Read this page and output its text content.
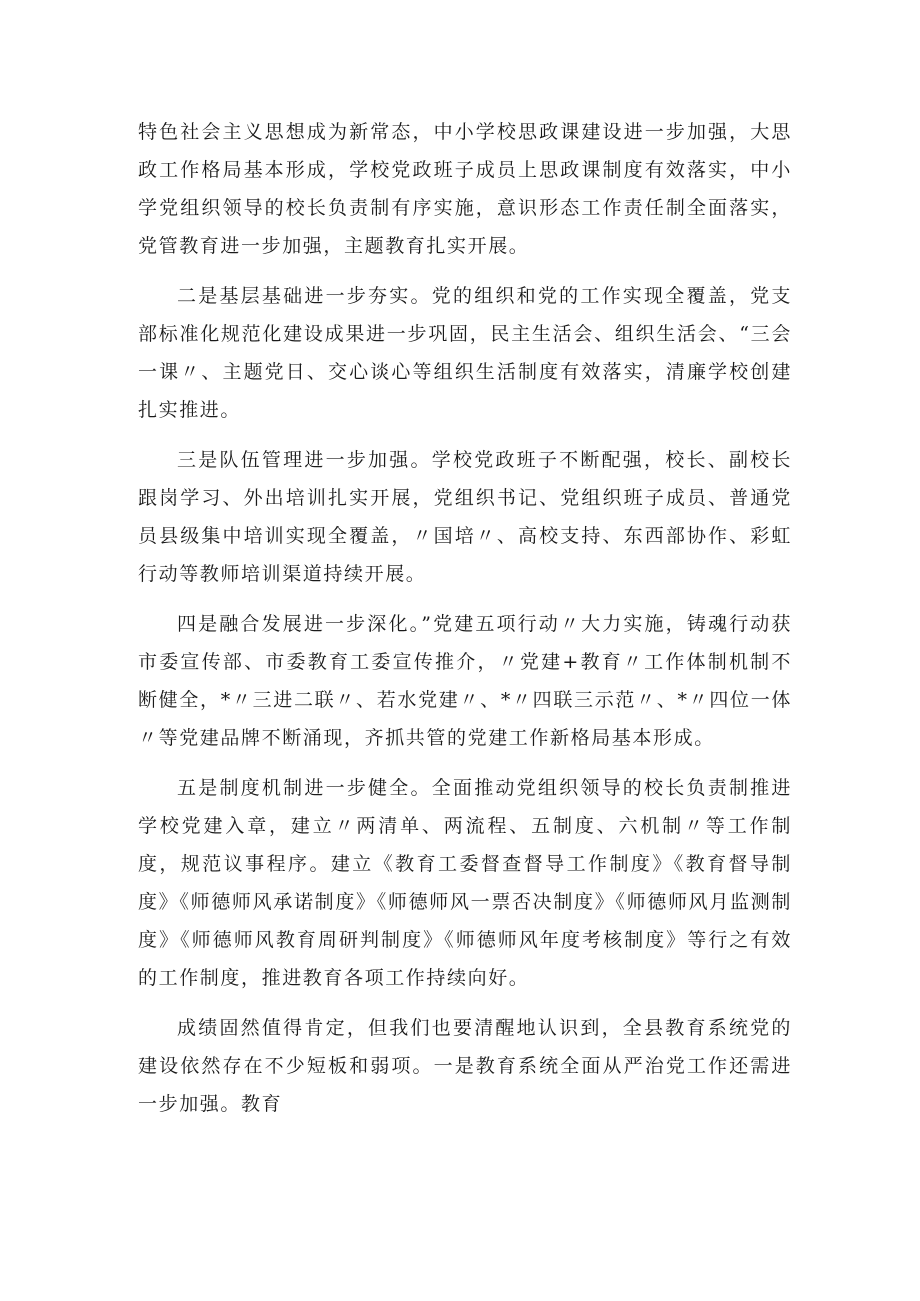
特色社会主义思想成为新常态，中小学校思政课建设进一步加强，大思政工作格局基本形成，学校党政班子成员上思政课制度有效落实，中小学党组织领导的校长负责制有序实施，意识形态工作责任制全面落实，党管教育进一步加强，主题教育扎实开展。

二是基层基础进一步夯实。党的组织和党的工作实现全覆盖，党支部标准化规范化建设成果进一步巩固，民主生活会、组织生活会、“三会一课〃、主题党日、交心谈心等组织生活制度有效落实，清廉学校创建扎实推进。

三是队伍管理进一步加强。学校党政班子不断配强，校长、副校长跟岗学习、外出培训扎实开展，党组织书记、党组织班子成员、普通党员县级集中培训实现全覆盖，〃国培〃、高校支持、东西部协作、彩虹行动等教师培训渠道持续开展。

四是融合发展进一步深化。”党建五项行动〃大力实施，铸魂行动获市委宣传部、市委教育工委宣传推介，〃党建+教育〃工作体制机制不断健全，*〃三进二联〃、若水党建〃、*〃四联三示范〃、*〃四位一体〃等党建品牌不断涌现，齐抓共管的党建工作新格局基本形成。

五是制度机制进一步健全。全面推动党组织领导的校长负责制推进学校党建入章，建立〃两清单、两流程、五制度、六机制〃等工作制度，规范议事程序。建立《教育工委督查督导工作制度》《教育督导制度》《师德师风承诺制度》《师德师风一票否决制度》《师德师风月监测制度》《师德师风教育周研判制度》《师德师风年度考核制度》等行之有效的工作制度，推进教育各项工作持续向好。

成绩固然值得肯定，但我们也要清醒地认识到，全县教育系统党的建设依然存在不少短板和弱项。一是教育系统全面从严治党工作还需进一步加强。教育
